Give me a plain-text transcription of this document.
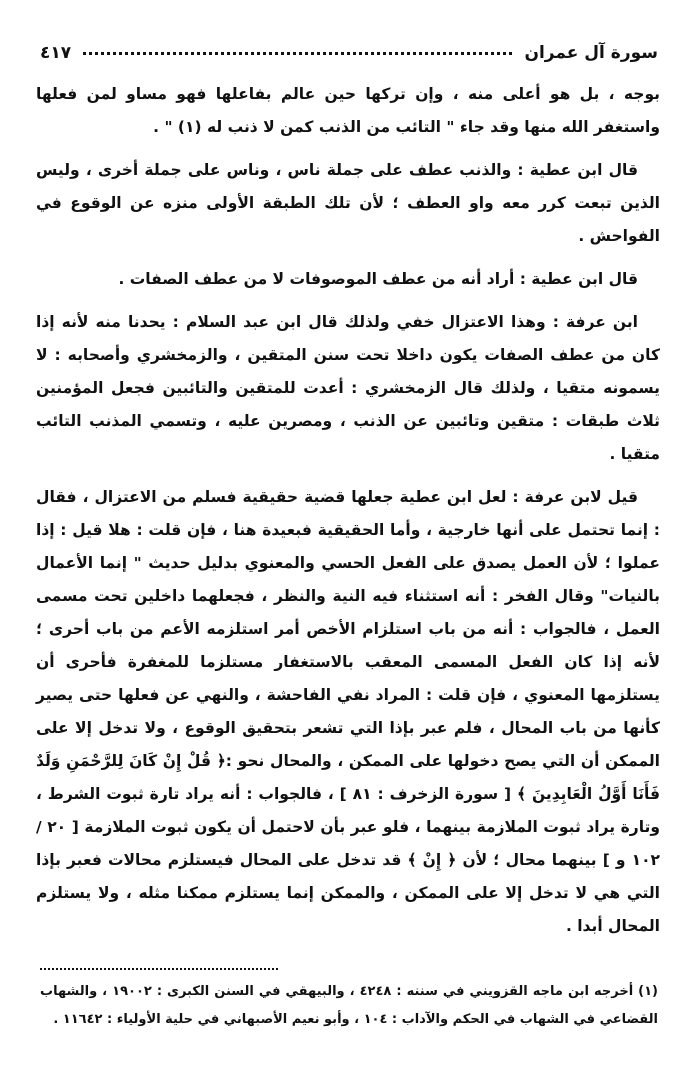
سورة آل عمران
٤١٧

بوجه ، بل هو أعلى منه ، وإن تركها حين عالم بفاعلها فهو مساو لمن فعلها واستغفر الله منها وقد جاء " التائب من الذنب كمن لا ذنب له (١) " .

قال ابن عطية : والذنب عطف على جملة ناس ، وناس على جملة أخرى ، وليس الذين تبعت كرر معه واو العطف ؛ لأن تلك الطبقة الأولى منزه عن الوقوع في الفواحش .

قال ابن عطية : أراد أنه من عطف الموصوفات لا من عطف الصفات .

ابن عرفة : وهذا الاعتزال خفي ولذلك قال ابن عبد السلام : يحدنا منه لأنه إذا كان من عطف الصفات يكون داخلا تحت سنن المتقين ، والزمخشري وأصحابه : لا يسمونه متقيا ، ولذلك قال الزمخشري : أعدت للمتقين والتائبين فجعل المؤمنين ثلاث طبقات : متقين وتائبين عن الذنب ، ومصرين عليه ، وتسمي المذنب التائب متقيا .

قيل لابن عرفة : لعل ابن عطية جعلها قضية حقيقية فسلم من الاعتزال ، فقال : إنما تحتمل على أنها خارجية ، وأما الحقيقية فبعيدة هنا ، فإن قلت : هلا قيل : إذا عملوا ؛ لأن العمل يصدق على الفعل الحسي والمعنوي بدليل حديث " إنما الأعمال بالنيات" وقال الفخر : أنه استثناء فيه النية والنظر ، فجعلهما داخلين تحت مسمى العمل ، فالجواب : أنه من باب استلزام الأخص أمر استلزمه الأعم من باب أحرى ؛ لأنه إذا كان الفعل المسمى المعقب بالاستغفار مستلزما للمغفرة فأحرى أن يستلزمها المعنوي ، فإن قلت : المراد نفي الفاحشة ، والنهي عن فعلها حتى يصير كأنها من باب المحال ، فلم عبر بإذا التي تشعر بتحقيق الوقوع ، ولا تدخل إلا على الممكن أن التي يصح دخولها على الممكن ، والمحال نحو :﴿ قُلْ إِنْ كَانَ لِلرَّحْمَنِ وَلَدٌ فَأَنَا أَوَّلُ الْعَابِدِينَ ﴾ [ سورة الزخرف : ٨١ ] ، فالجواب : أنه يراد تارة ثبوت الشرط ، وتارة يراد ثبوت الملازمة بينهما ، فلو عبر بأن لاحتمل أن يكون ثبوت الملازمة [ ٢٠ / ١٠٢ و ] بينهما محال ؛ لأن ﴿ إِنْ ﴾ قد تدخل على المحال فيستلزم محالات فعبر بإذا التي هي لا تدخل إلا على الممكن ، والممكن إنما يستلزم ممكنا مثله ، ولا يستلزم المحال أبدا .

(١) أخرجه ابن ماجه القزويني في سننه : ٤٢٤٨ ، والبيهقي في السنن الكبرى : ١٩٠٠٢ ، والشهاب القضاعي في الشهاب في الحكم والآداب : ١٠٤ ، وأبو نعيم الأصبهاني في حلية الأولياء : ١١٦٤٢ .
